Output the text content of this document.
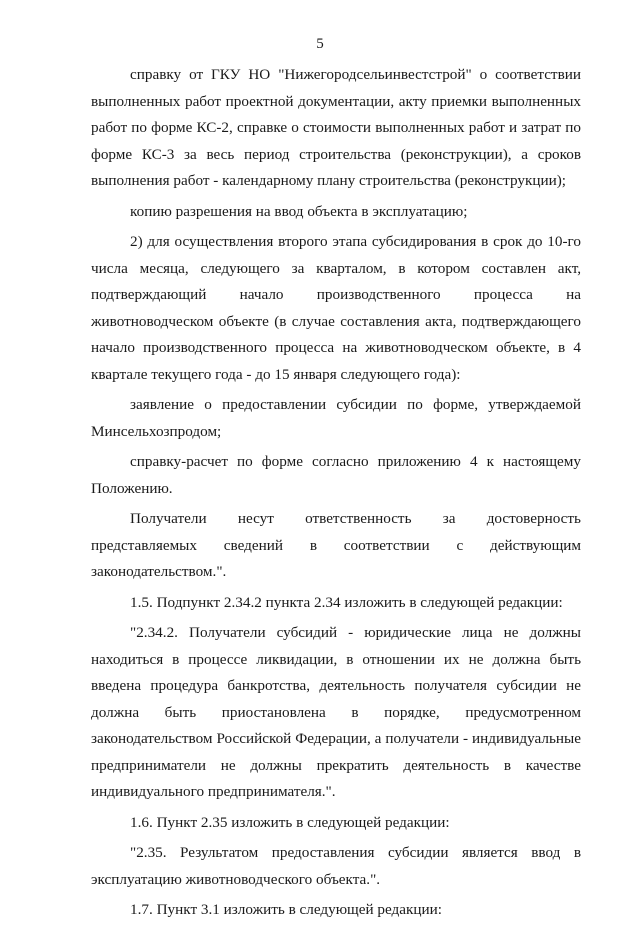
5

справку от ГКУ НО "Нижегородсельинвестстрой" о соответствии выполненных работ проектной документации, акту приемки выполненных работ по форме КС-2, справке о стоимости выполненных работ и затрат по форме КС-3 за весь период строительства (реконструкции), а сроков выполнения работ - календарному плану строительства (реконструкции);

копию разрешения на ввод объекта в эксплуатацию;

2) для осуществления второго этапа субсидирования в срок до 10-го числа месяца, следующего за кварталом, в котором составлен акт, подтверждающий начало производственного процесса на животноводческом объекте (в случае составления акта, подтверждающего начало производственного процесса на животноводческом объекте, в 4 квартале текущего года - до 15 января следующего года):

заявление о предоставлении субсидии по форме, утверждаемой Минсельхозпродом;

справку-расчет по форме согласно приложению 4 к настоящему Положению.

Получатели несут ответственность за достоверность представляемых сведений в соответствии с действующим законодательством.".

1.5. Подпункт 2.34.2 пункта 2.34 изложить в следующей редакции:

"2.34.2. Получатели субсидий - юридические лица не должны находиться в процессе ликвидации, в отношении их не должна быть введена процедура банкротства, деятельность получателя субсидии не должна быть приостановлена в порядке, предусмотренном законодательством Российской Федерации, а получатели - индивидуальные предприниматели не должны прекратить деятельность в качестве индивидуального предпринимателя.".

1.6. Пункт 2.35 изложить в следующей редакции:

"2.35. Результатом предоставления субсидии является ввод в эксплуатацию животноводческого объекта.".

1.7. Пункт 3.1 изложить в следующей редакции:
